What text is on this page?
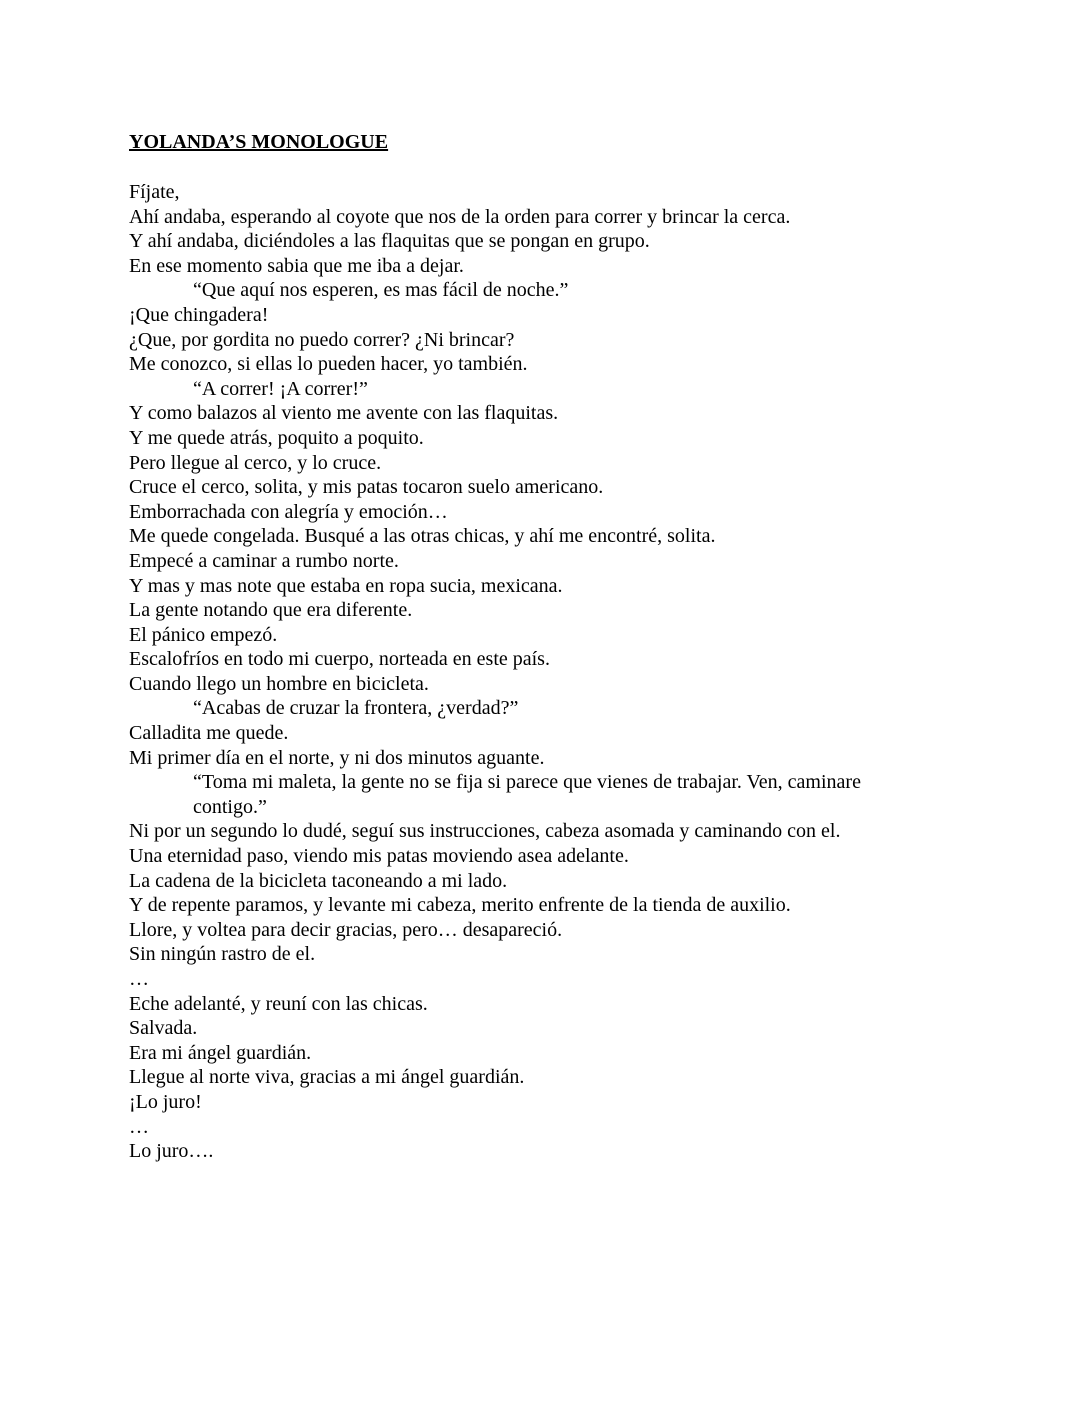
YOLANDA’S MONOLOGUE
Fíjate,
Ahí andaba, esperando al coyote que nos de la orden para correr y brincar la cerca.
Y ahí andaba, diciéndoles a las flaquitas que se pongan en grupo.
En ese momento sabia que me iba a dejar.
“Que aquí nos esperen, es mas fácil de noche.”
¡Que chingadera!
¿Que, por gordita no puedo correr? ¿Ni brincar?
Me conozco, si ellas lo pueden hacer, yo también.
“A correr! ¡A correr!”
Y como balazos al viento me avente con las flaquitas.
Y me quede atrás, poquito a poquito.
Pero llegue al cerco, y lo cruce.
Cruce el cerco, solita, y mis patas tocaron suelo americano.
Emborrachada con alegría y emoción…
Me quede congelada. Busqué a las otras chicas, y ahí me encontré, solita.
Empecé a caminar a rumbo norte.
Y mas y mas note que estaba en ropa sucia, mexicana.
La gente notando que era diferente.
El pánico empezó.
Escalofríos en todo mi cuerpo, norteada en este país.
Cuando llego un hombre en bicicleta.
“Acabas de cruzar la frontera, ¿verdad?”
Calladita me quede.
Mi primer día en el norte, y ni dos minutos aguante.
“Toma mi maleta, la gente no se fija si parece que vienes de trabajar. Ven, caminare
contigo.”
Ni por un segundo lo dudé, seguí sus instrucciones, cabeza asomada y caminando con el.
Una eternidad paso, viendo mis patas moviendo asea adelante.
La cadena de la bicicleta taconeando a mi lado.
Y de repente paramos, y levante mi cabeza, merito enfrente de la tienda de auxilio.
Llore, y voltea para decir gracias, pero… desapareció.
Sin ningún rastro de el.
…
Eche adelanté, y reuní con las chicas.
Salvada.
Era mi ángel guardián.
Llegue al norte viva, gracias a mi ángel guardián.
¡Lo juro!
…
Lo juro….
